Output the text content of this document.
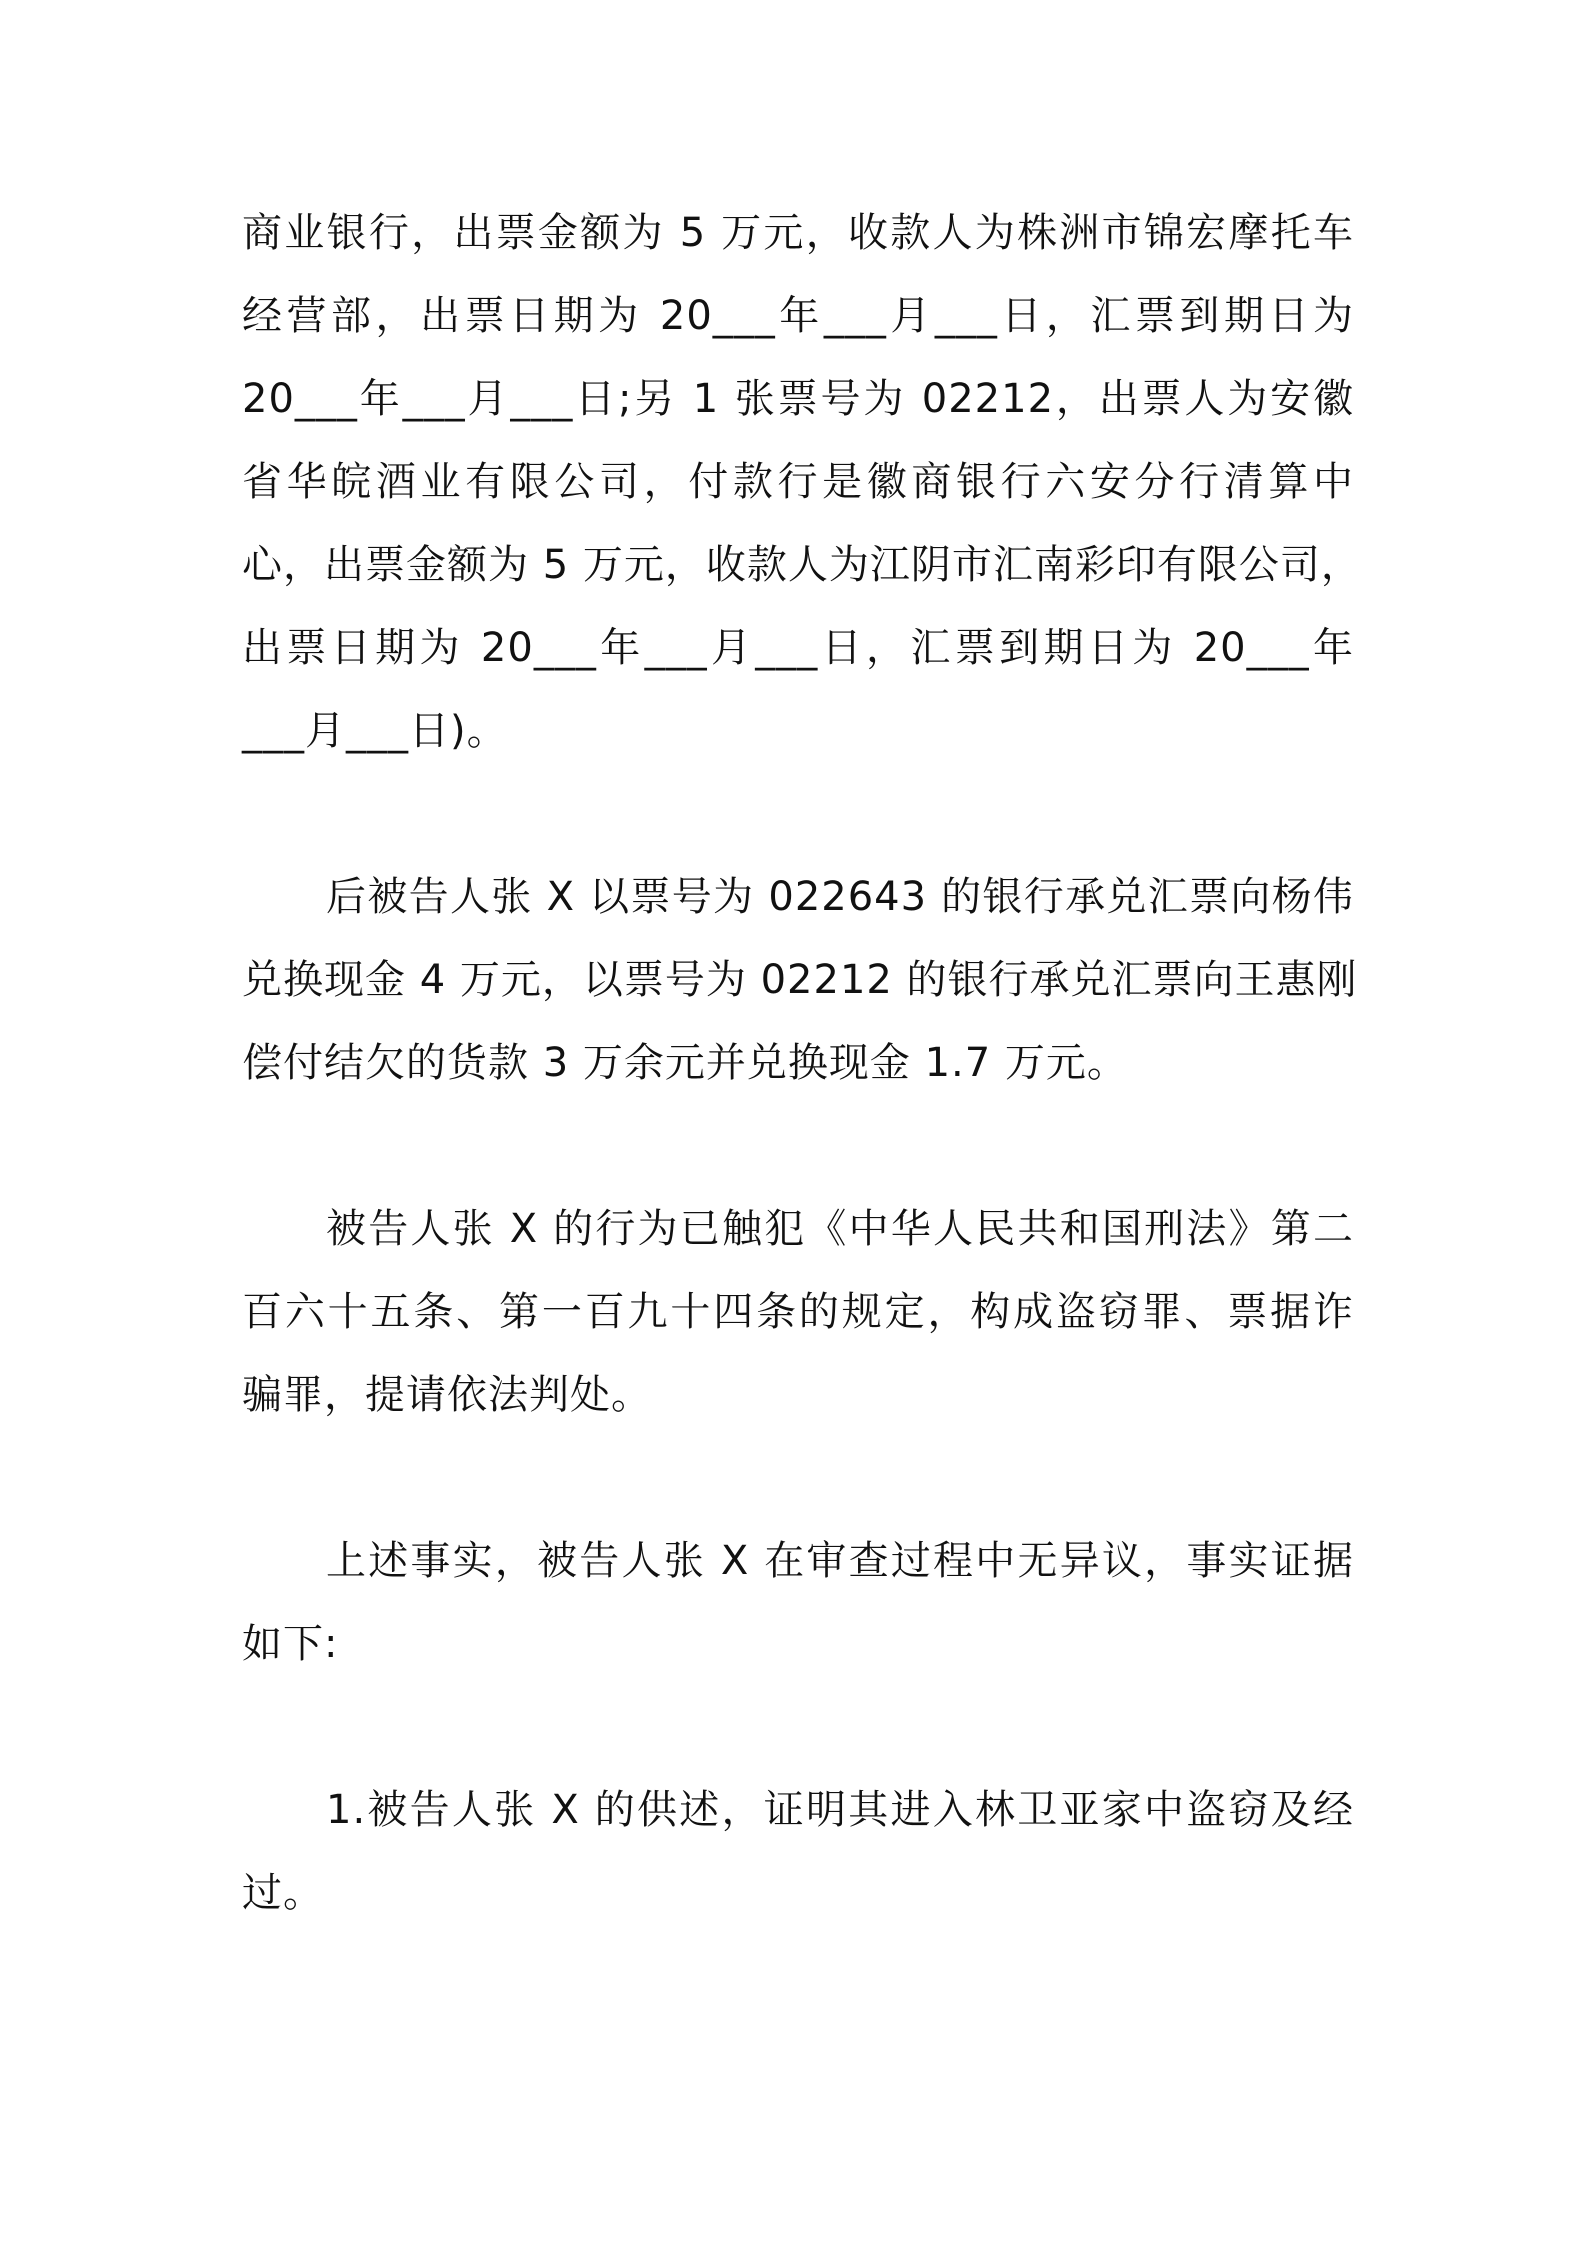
商业银行，出票金额为 5 万元，收款人为株洲市锦宏摩托车
经营部，出票日期为 20___年___月___日，汇票到期日为
20___年___月___日;另 1 张票号为 02212，出票人为安徽
省华皖酒业有限公司，付款行是徽商银行六安分行清算中
心，出票金额为 5 万元，收款人为江阴市汇南彩印有限公司，
出票日期为 20___年___月___日，汇票到期日为 20___年
___月___日)。
后被告人张 X 以票号为 022643 的银行承兑汇票向杨伟
兑换现金 4 万元，以票号为 02212 的银行承兑汇票向王惠刚
偿付结欠的货款 3 万余元并兑换现金 1.7 万元。
被告人张 X 的行为已触犯《中华人民共和国刑法》第二
百六十五条、第一百九十四条的规定，构成盗窃罪、票据诈
骗罪，提请依法判处。
上述事实，被告人张 X 在审查过程中无异议，事实证据
如下:
1.被告人张 X 的供述，证明其进入林卫亚家中盗窃及经
过。
